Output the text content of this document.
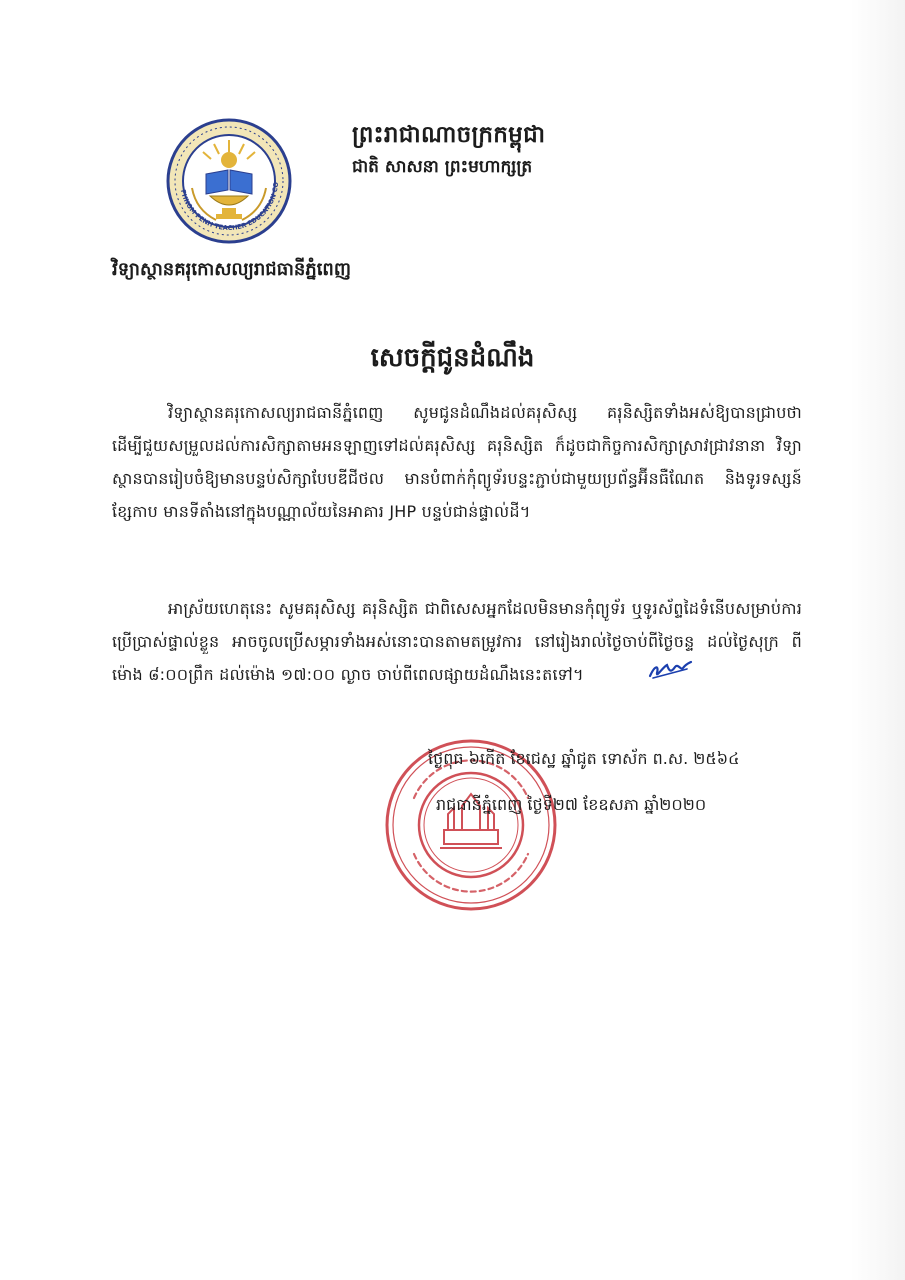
PHNOM PENH TEACHER EDUCATION CO
ព្រះរាជាណាចក្រកម្ពុជា
ជាតិ សាសនា ព្រះមហាក្សត្រ
វិទ្យាស្ថានគរុកោសល្យរាជធានីភ្នំពេញ
សេចក្តីជូនដំណឹង
វិទ្យាស្ថានគរុកោសល្យរាជធានីភ្នំពេញ សូមជូនដំណឹងដល់គរុសិស្ស គរុនិស្សិតទាំងអស់ឱ្យបានជ្រាបថា ដើម្បីជួយសម្រួលដល់ការសិក្សាតាមអនឡាញទៅដល់គរុសិស្ស គរុនិស្សិត ក៏ដូចជាកិច្ចការសិក្សាស្រាវជ្រាវនានា វិទ្យាស្ថានបានរៀបចំឱ្យមានបន្ទប់សិក្សាបែបឌីជីថល មានបំពាក់កុំព្យូទ័របន្ទះភ្ជាប់ជាមួយប្រព័ន្ធអ៊ីនធឺណែត និងទូរទស្សន៍ខ្សែកាប មានទីតាំងនៅក្នុងបណ្ណាល័យនៃអាគារ JHP បន្ទប់ជាន់ផ្ទាល់ដី។
អាស្រ័យហេតុនេះ សូមគរុសិស្ស គរុនិស្សិត ជាពិសេសអ្នកដែលមិនមានកុំព្យូទ័រ ឬទូរស័ព្ទដៃទំនើបសម្រាប់ការប្រើប្រាស់ផ្ទាល់ខ្លួន អាចចូលប្រើសម្ភារទាំងអស់នោះបានតាមតម្រូវការ នៅរៀងរាល់ថ្ងៃចាប់ពីថ្ងៃចន្ទ ដល់ថ្ងៃសុក្រ ពីម៉ោង ៨:០០ព្រឹក ដល់ម៉ោង ១៧:០០ ល្ងាច ចាប់ពីពេលផ្សាយដំណឹងនេះតទៅ។
ថ្ងៃពុធ ៦កើត ខែជេស្ឋ ឆ្នាំជូត ទោស័ក ព.ស. ២៥៦៤
រាជធានីភ្នំពេញ ថ្ងៃទី២៧ ខែឧសភា ឆ្នាំ២០២០
